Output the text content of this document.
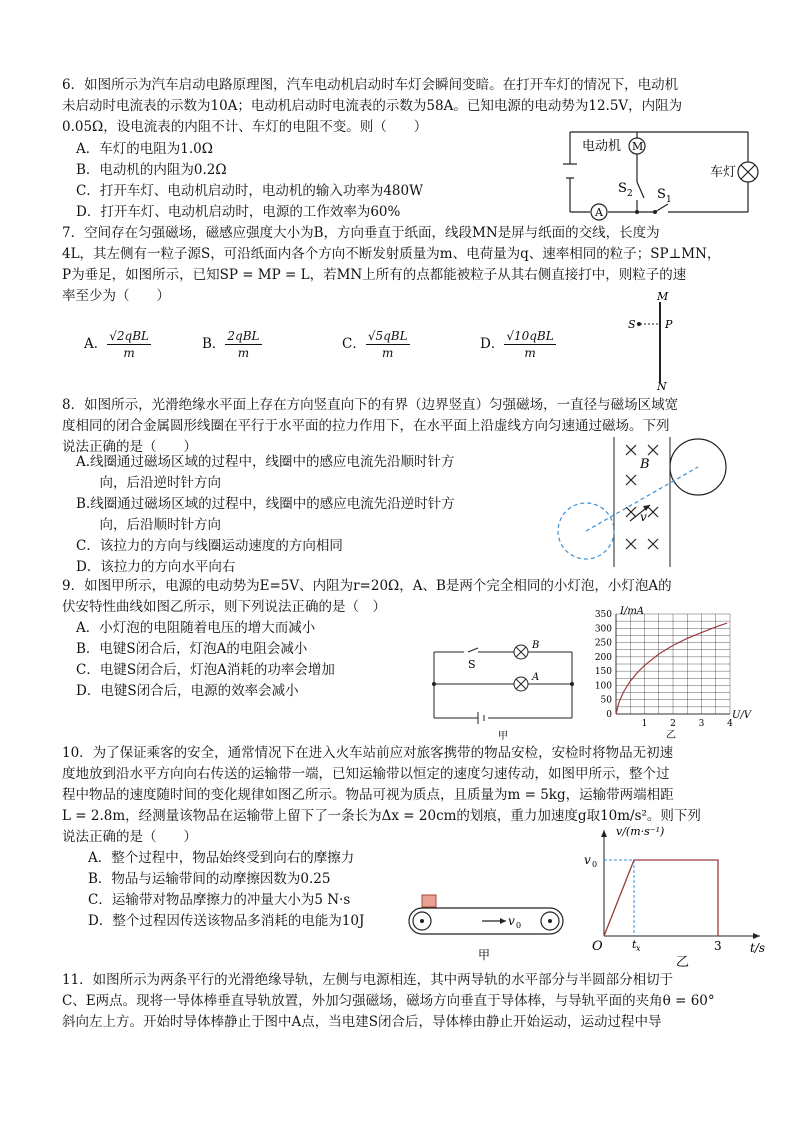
6．如图所示为汽车启动电路原理图，汽车电动机启动时车灯会瞬间变暗。在打开车灯的情况下，电动机
未启动时电流表的示数为10A；电动机启动时电流表的示数为58A。已知电源的电动势为12.5V，内阻为
0.05Ω，设电流表的内阻不计、车灯的电阻不变。则（　　）
A．车灯的电阻为1.0Ω
B．电动机的内阻为0.2Ω
C．打开车灯、电动机启动时，电动机的输入功率为480W
D．打开车灯、电动机启动时，电源的工作效率为60%
电动机 M
车灯
S 2 S 1
A
7．空间存在匀强磁场，磁感应强度大小为B，方向垂直于纸面，线段MN是屏与纸面的交线，长度为
4L，其左侧有一粒子源S，可沿纸面内各个方向不断发射质量为m、电荷量为q、速率相同的粒子；SP⊥MN，
P为垂足，如图所示，已知SP = MP = L，若MN上所有的点都能被粒子从其右侧直接打中，则粒子的速
率至少为（　　）
A． √2qBL
m
B． 2qBL
m
C． √5qBL
m
D． √10qBL
m
M
N
S	P
8．如图所示，光滑绝缘水平面上存在方向竖直向下的有界（边界竖直）匀强磁场，一直径与磁场区域宽
度相同的闭合金属圆形线圈在平行于水平面的拉力作用下，在水平面上沿虚线方向匀速通过磁场。下列
说法正确的是（　　）
A.线圈通过磁场区域的过程中，线圈中的感应电流先沿顺时针方
　向，后沿逆时针方向
B.线圈通过磁场区域的过程中，线圈中的感应电流先沿逆时针方
　向，后沿顺时针方向
C．该拉力的方向与线圈运动速度的方向相同
D．该拉力的方向水平向右
B
v
9．如图甲所示，电源的电动势为E=5V、内阻为r=20Ω，A、B是两个完全相同的小灯泡，小灯泡A的
伏安特性曲线如图乙所示，则下列说法正确的是（　）
A．小灯泡的电阻随着电压的增大而减小
B．电键S闭合后，灯泡A的电阻会减小
C．电键S闭合后，灯泡A消耗的功率会增加
D．电键S闭合后，电源的效率会减小
S
B
A
甲
350
300
250
200
150
100
50
0
1	2	3	4
I/mA
U/V
乙
10．为了保证乘客的安全，通常情况下在进入火车站前应对旅客携带的物品安检，安检时将物品无初速
度地放到沿水平方向向右传送的运输带一端，已知运输带以恒定的速度匀速传动，如图甲所示，整个过
程中物品的速度随时间的变化规律如图乙所示。物品可视为质点，且质量为m = 5kg，运输带两端相距
L = 2.8m，经测量该物品在运输带上留下了一条长为Δx = 20cm的划痕，重力加速度g取10m/s²。则下列
说法正确的是（　　）
A．整个过程中，物品始终受到向右的摩擦力
B．物品与运输带间的动摩擦因数为0.25
C．运输带对物品摩擦力的冲量大小为5 N·s
D．整个过程因传送该物品多消耗的电能为10J	v 0
甲
v/(m·s⁻¹)
v 0
O	t x	3 t/s
乙
11．如图所示为两条平行的光滑绝缘导轨，左侧与电源相连，其中两导轨的水平部分与半圆部分相切于
C、E两点。现将一导体棒垂直导轨放置，外加匀强磁场，磁场方向垂直于导体棒，与导轨平面的夹角θ = 60°
斜向左上方。开始时导体棒静止于图中A点，当电建S闭合后，导体棒由静止开始运动，运动过程中导
